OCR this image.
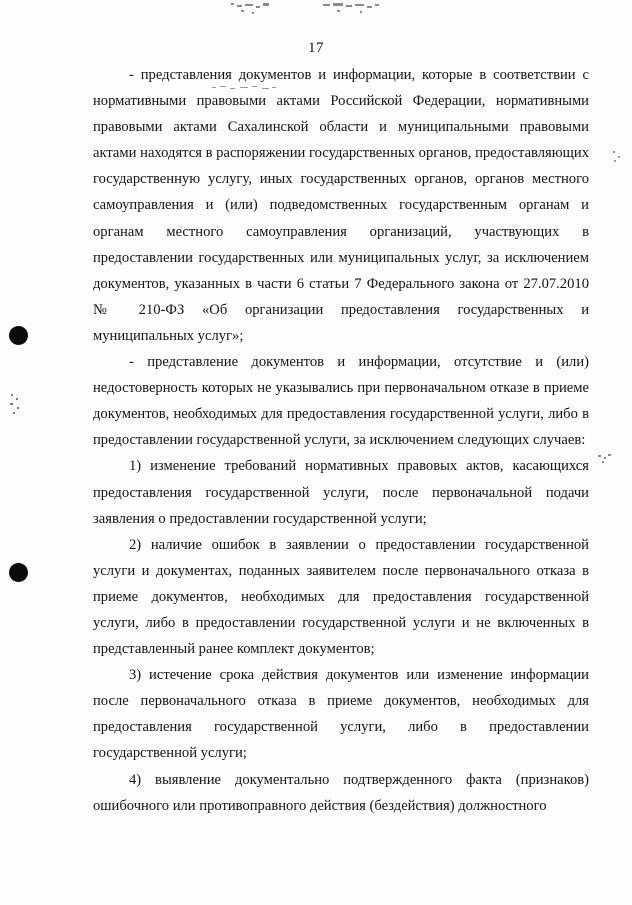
17

- представления документов и информации, которые в соответствии с нормативными правовыми актами Российской Федерации, нормативными правовыми актами Сахалинской области и муниципальными правовыми актами находятся в распоряжении государственных органов, предоставляющих государственную услугу, иных государственных органов, органов местного самоуправления и (или) подведомственных государственным органам и органам местного самоуправления организаций, участвующих в предоставлении государственных или муниципальных услуг, за исключением документов, указанных в части 6 статьи 7 Федерального закона от 27.07.2010 № 210-ФЗ «Об организации предоставления государственных и муниципальных услуг»;

- представление документов и информации, отсутствие и (или) недостоверность которых не указывались при первоначальном отказе в приеме документов, необходимых для предоставления государственной услуги, либо в предоставлении государственной услуги, за исключением следующих случаев:

1) изменение требований нормативных правовых актов, касающихся предоставления государственной услуги, после первоначальной подачи заявления о предоставлении государственной услуги;

2) наличие ошибок в заявлении о предоставлении государственной услуги и документах, поданных заявителем после первоначального отказа в приеме документов, необходимых для предоставления государственной услуги, либо в предоставлении государственной услуги и не включенных в представленный ранее комплект документов;

3) истечение срока действия документов или изменение информации после первоначального отказа в приеме документов, необходимых для предоставления государственной услуги, либо в предоставлении государственной услуги;

4) выявление документально подтвержденного факта (признаков) ошибочного или противоправного действия (бездействия) должностного
